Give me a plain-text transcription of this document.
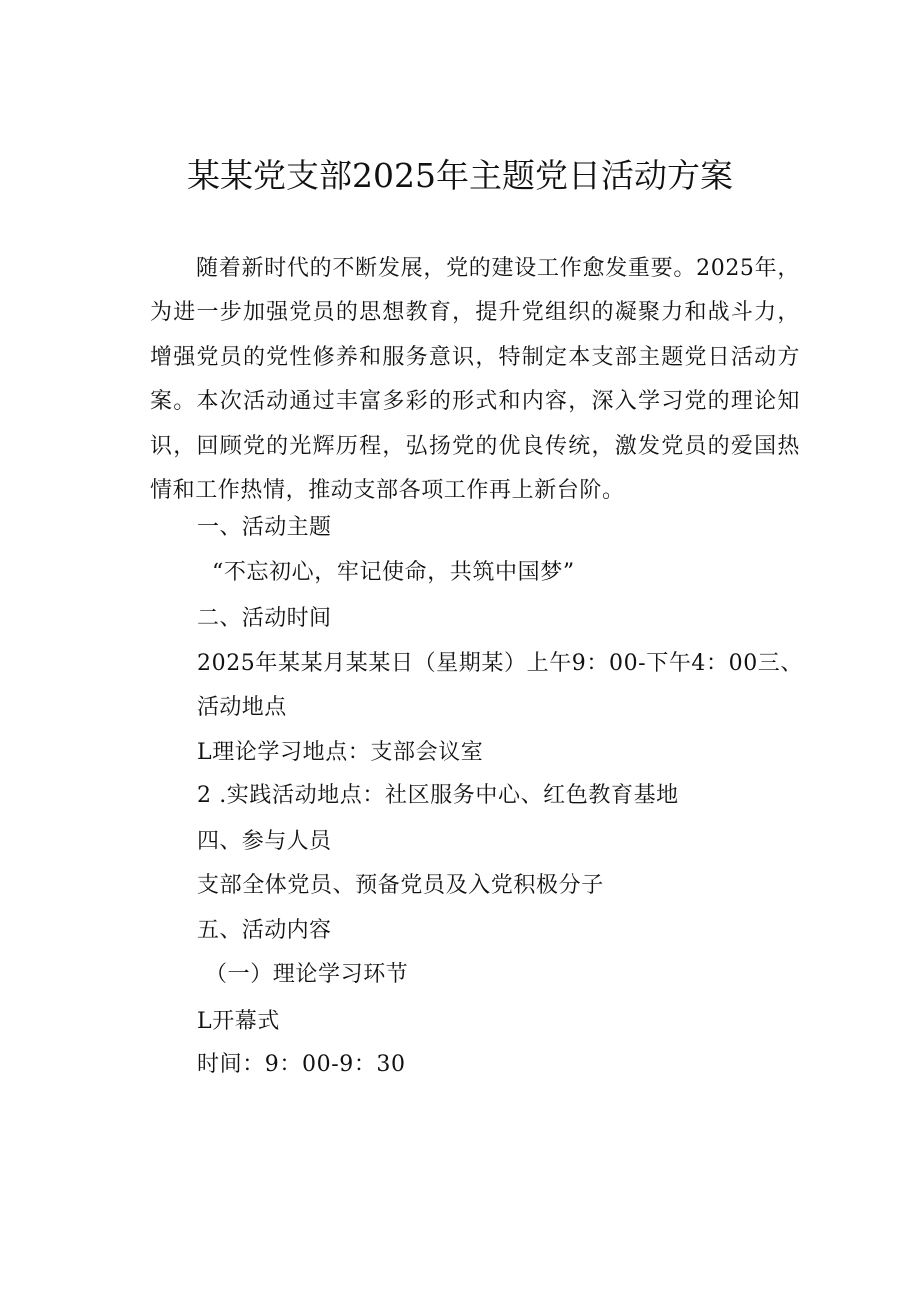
某某党支部2025年主题党日活动方案

随着新时代的不断发展，党的建设工作愈发重要。2025年，为进一步加强党员的思想教育，提升党组织的凝聚力和战斗力，增强党员的党性修养和服务意识，特制定本支部主题党日活动方案。本次活动通过丰富多彩的形式和内容，深入学习党的理论知识，回顾党的光辉历程，弘扬党的优良传统，激发党员的爱国热情和工作热情，推动支部各项工作再上新台阶。

一、活动主题

“不忘初心，牢记使命，共筑中国梦”

二、活动时间

2025年某某月某某日（星期某）上午9：00-下午4：00三、

活动地点

L理论学习地点：支部会议室

2 .实践活动地点：社区服务中心、红色教育基地

四、参与人员

支部全体党员、预备党员及入党积极分子

五、活动内容

（一）理论学习环节

L开幕式

时间：9：00-9：30
